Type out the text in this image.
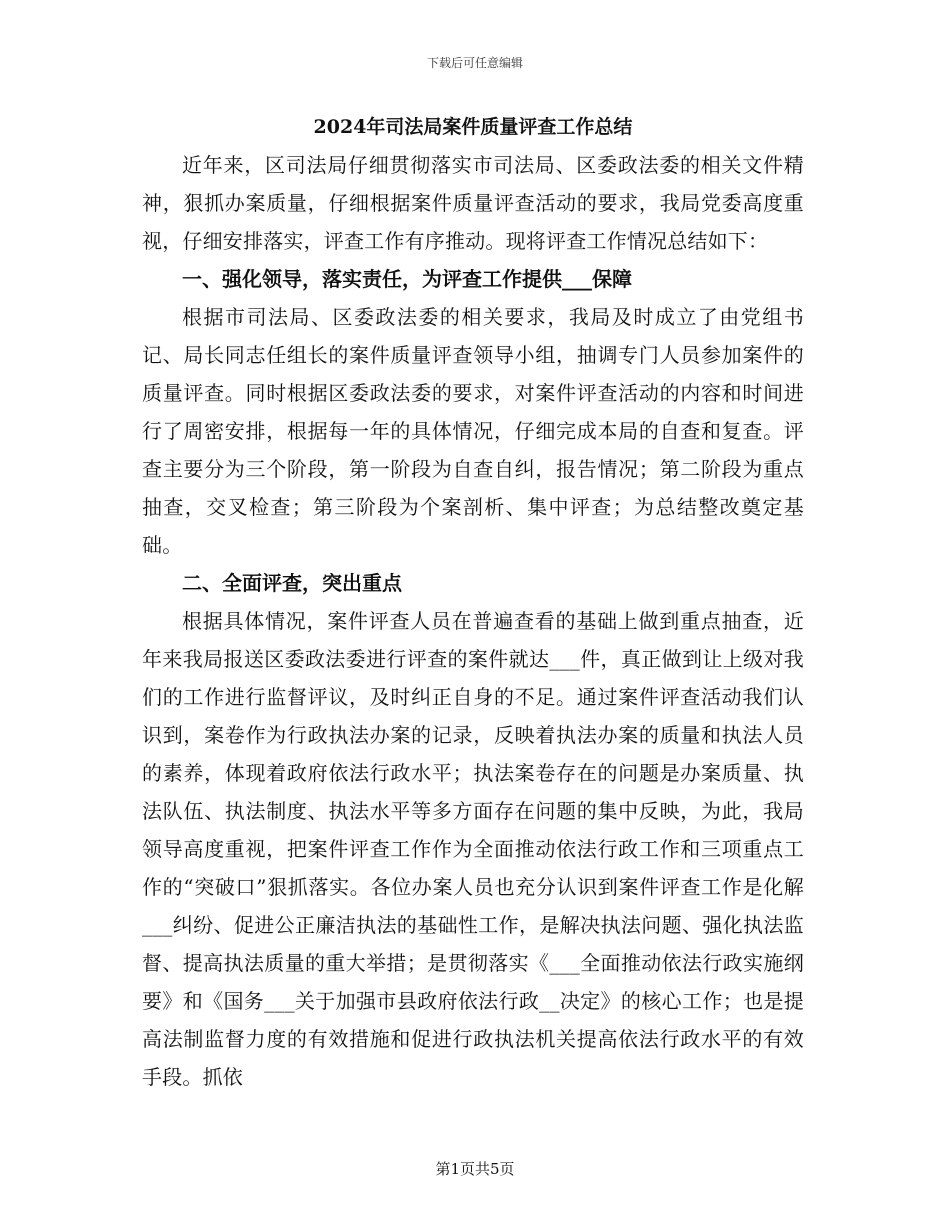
下载后可任意编辑
2024年司法局案件质量评查工作总结

近年来，区司法局仔细贯彻落实市司法局、区委政法委的相关文件精神，狠抓办案质量，仔细根据案件质量评查活动的要求，我局党委高度重视，仔细安排落实，评查工作有序推动。现将评查工作情况总结如下：

一、强化领导，落实责任，为评查工作提供___保障

根据市司法局、区委政法委的相关要求，我局及时成立了由党组书记、局长同志任组长的案件质量评查领导小组，抽调专门人员参加案件的质量评查。同时根据区委政法委的要求，对案件评查活动的内容和时间进行了周密安排，根据每一年的具体情况，仔细完成本局的自查和复查。评查主要分为三个阶段，第一阶段为自查自纠，报告情况；第二阶段为重点抽查，交叉检查；第三阶段为个案剖析、集中评查；为总结整改奠定基础。

二、全面评查，突出重点

根据具体情况，案件评查人员在普遍查看的基础上做到重点抽查，近年来我局报送区委政法委进行评查的案件就达___件，真正做到让上级对我们的工作进行监督评议，及时纠正自身的不足。通过案件评查活动我们认识到，案卷作为行政执法办案的记录，反映着执法办案的质量和执法人员的素养，体现着政府依法行政水平；执法案卷存在的问题是办案质量、执法队伍、执法制度、执法水平等多方面存在问题的集中反映，为此，我局领导高度重视，把案件评查工作作为全面推动依法行政工作和三项重点工作的“突破口”狠抓落实。各位办案人员也充分认识到案件评查工作是化解___纠纷、促进公正廉洁执法的基础性工作，是解决执法问题、强化执法监督、提高执法质量的重大举措；是贯彻落实《___全面推动依法行政实施纲要》和《国务___关于加强市县政府依法行政__决定》的核心工作；也是提高法制监督力度的有效措施和促进行政执法机关提高依法行政水平的有效手段。抓依

第1页共5页
